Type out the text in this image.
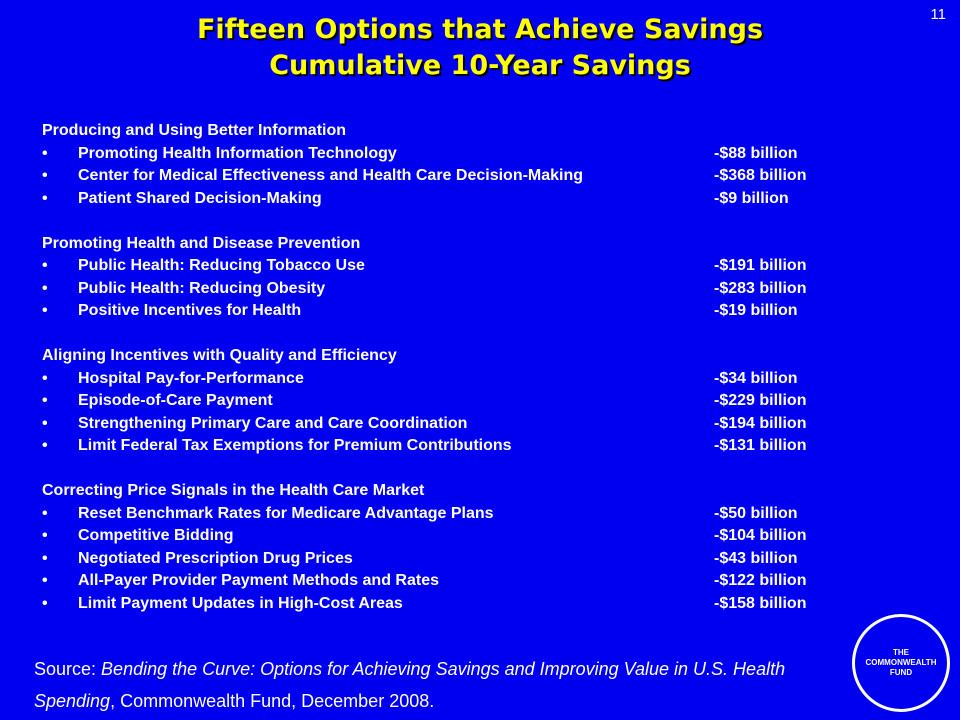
11
Fifteen Options that Achieve Savings
Cumulative 10-Year Savings
Producing and Using Better Information
• Promoting Health Information Technology	-$88 billion
• Center for Medical Effectiveness and Health Care Decision-Making	-$368 billion
• Patient Shared Decision-Making	-$9 billion
Promoting Health and Disease Prevention
• Public Health: Reducing Tobacco Use	-$191 billion
• Public Health: Reducing Obesity	-$283 billion
• Positive Incentives for Health	-$19 billion
Aligning Incentives with Quality and Efficiency
• Hospital Pay-for-Performance	-$34 billion
• Episode-of-Care Payment	-$229 billion
• Strengthening Primary Care and Care Coordination	-$194 billion
• Limit Federal Tax Exemptions for Premium Contributions	-$131 billion
Correcting Price Signals in the Health Care Market
• Reset Benchmark Rates for Medicare Advantage Plans	-$50 billion
• Competitive Bidding	-$104 billion
• Negotiated Prescription Drug Prices	-$43 billion
• All-Payer Provider Payment Methods and Rates	-$122 billion
• Limit Payment Updates in High-Cost Areas	-$158 billion
Source: Bending the Curve: Options for Achieving Savings and Improving Value in U.S. Health Spending, Commonwealth Fund, December 2008.
THE
COMMONWEALTH
FUND
